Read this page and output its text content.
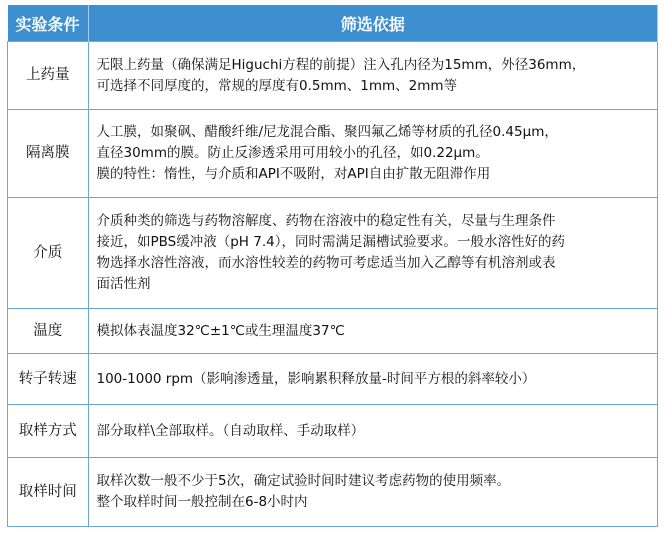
实验条件	筛选依据
上药量	无限上药量（确保满足Higuchi方程的前提）注入孔内径为15mm，外径36mm，
可选择不同厚度的，常规的厚度有0.5mm、1mm、2mm等

隔离膜	人工膜，如聚砜、醋酸纤维/尼龙混合酯、聚四氟乙烯等材质的孔径0.45μm，
直径30mm的膜。防止反渗透采用可用较小的孔径，如0.22μm。
膜的特性：惰性，与介质和API不吸附，对API自由扩散无阻滞作用

介质	介质种类的筛选与药物溶解度、药物在溶液中的稳定性有关，尽量与生理条件
接近，如PBS缓冲液（pH 7.4），同时需满足漏槽试验要求。一般水溶性好的药
物选择水溶性溶液，而水溶性较差的药物可考虑适当加入乙醇等有机溶剂或表
面活性剂

温度	模拟体表温度32℃±1℃或生理温度37℃

转子转速	100-1000 rpm（影响渗透量，影响累积释放量-时间平方根的斜率较小）

取样方式	部分取样\全部取样。（自动取样、手动取样）

取样时间	取样次数一般不少于5次，确定试验时间时建议考虑药物的使用频率。
整个取样时间一般控制在6-8小时内
